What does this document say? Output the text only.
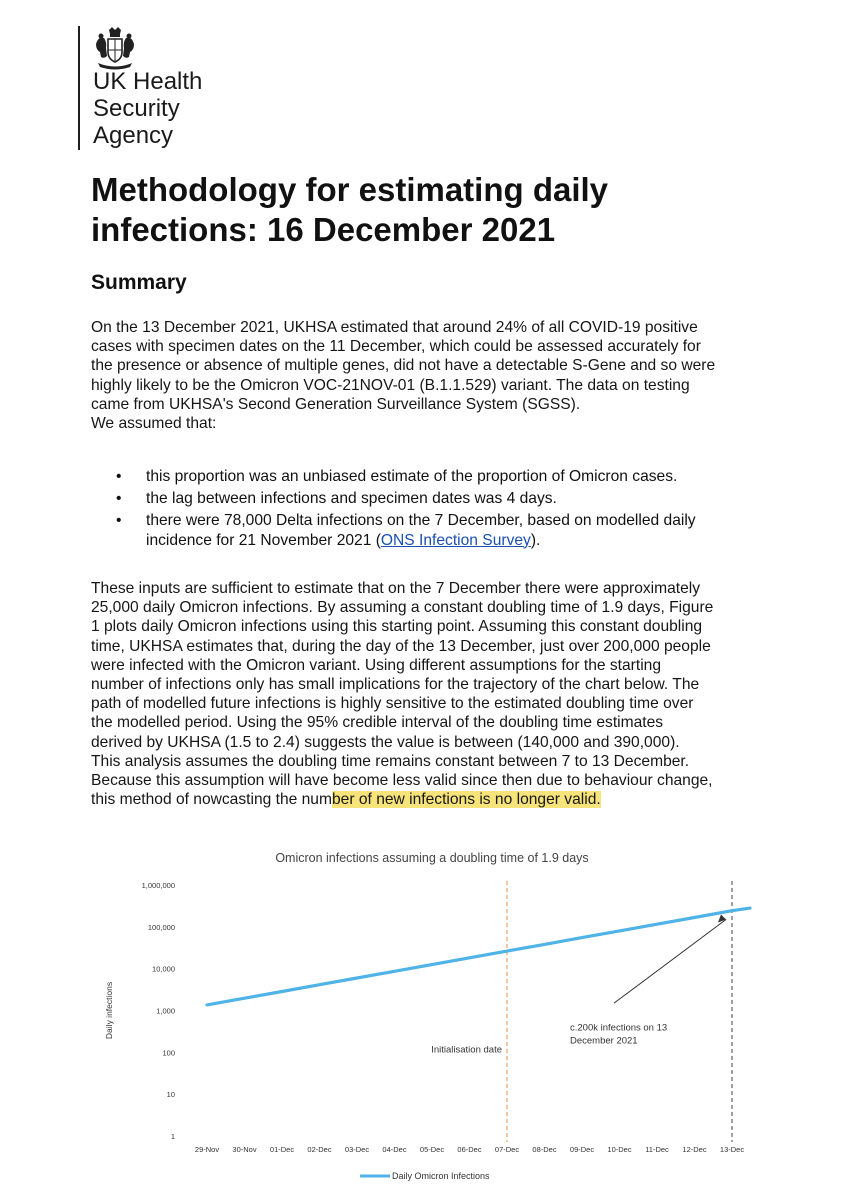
UK Health
Security
Agency
Methodology for estimating daily
infections: 16 December 2021
Summary

On the 13 December 2021, UKHSA estimated that around 24% of all COVID-19 positive

cases with specimen dates on the 11 December, which could be assessed accurately for

the presence or absence of multiple genes, did not have a detectable S-Gene and so were

highly likely to be the Omicron VOC-21NOV-01 (B.1.1.529) variant. The data on testing

came from UKHSA's Second Generation Surveillance System (SGSS).

We assumed that:

• this proportion was an unbiased estimate of the proportion of Omicron cases.
• the lag between infections and specimen dates was 4 days.
• there were 78,000 Delta infections on the 7 December, based on modelled daily
incidence for 21 November 2021 (ONS Infection Survey).

These inputs are sufficient to estimate that on the 7 December there were approximately

25,000 daily Omicron infections. By assuming a constant doubling time of 1.9 days, Figure

1 plots daily Omicron infections using this starting point. Assuming this constant doubling

time, UKHSA estimates that, during the day of the 13 December, just over 200,000 people

were infected with the Omicron variant. Using different assumptions for the starting

number of infections only has small implications for the trajectory of the chart below. The

path of modelled future infections is highly sensitive to the estimated doubling time over

the modelled period. Using the 95% credible interval of the doubling time estimates

derived by UKHSA (1.5 to 2.4) suggests the value is between (140,000 and 390,000).

This analysis assumes the doubling time remains constant between 7 to 13 December.

Because this assumption will have become less valid since then due to behaviour change,

this method of nowcasting the number of new infections is no longer valid.

Omicron infections assuming a doubling time of 1.9 days
1
10
100
1,000
10,000
100,000
1,000,000
Daily infections
29-Nov 30-Nov 01-Dec 02-Dec 03-Dec 04-Dec 05-Dec 06-Dec 07-Dec 08-Dec 09-Dec 10-Dec 11-Dec 12-Dec 13-Dec
Initialisation date
c.200k infections on 13
December 2021
Daily Omicron Infections
